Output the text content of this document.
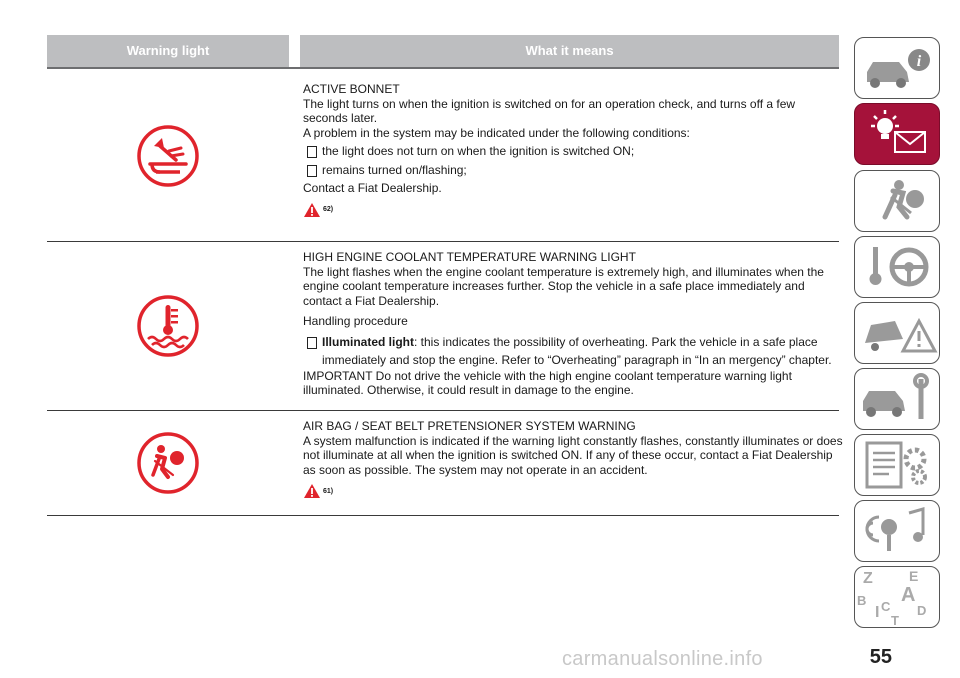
Warning light	What it means

ACTIVE BONNET

The light turns on when the ignition is switched on for an operation check, and turns off a few seconds later.

A problem in the system may be indicated under the following conditions:

the light does not turn on when the ignition is switched ON;
remains turned on/flashing;

Contact a Fiat Dealership.

62)

HIGH ENGINE COOLANT TEMPERATURE WARNING LIGHT

The light flashes when the engine coolant temperature is extremely high, and illuminates when the engine coolant temperature increases further. Stop the vehicle in a safe place immediately and contact a Fiat Dealership.

Handling procedure

Illuminated light: this indicates the possibility of overheating. Park the vehicle in a safe place immediately and stop the engine. Refer to “Overheating” paragraph in “In an mergency” chapter.

IMPORTANT Do not drive the vehicle with the high engine coolant temperature warning light illuminated. Otherwise, it could result in damage to the engine.

AIR BAG / SEAT BELT PRETENSIONER SYSTEM WARNING

A system malfunction is indicated if the warning light constantly flashes, constantly illuminates or does not illuminate at all when the ignition is switched ON. If any of these occur, contact a Fiat Dealership as soon as possible. The system may not operate in an accident.

61)
i
Z	E
A
B
I C D
T
55
carmanualsonline.info
